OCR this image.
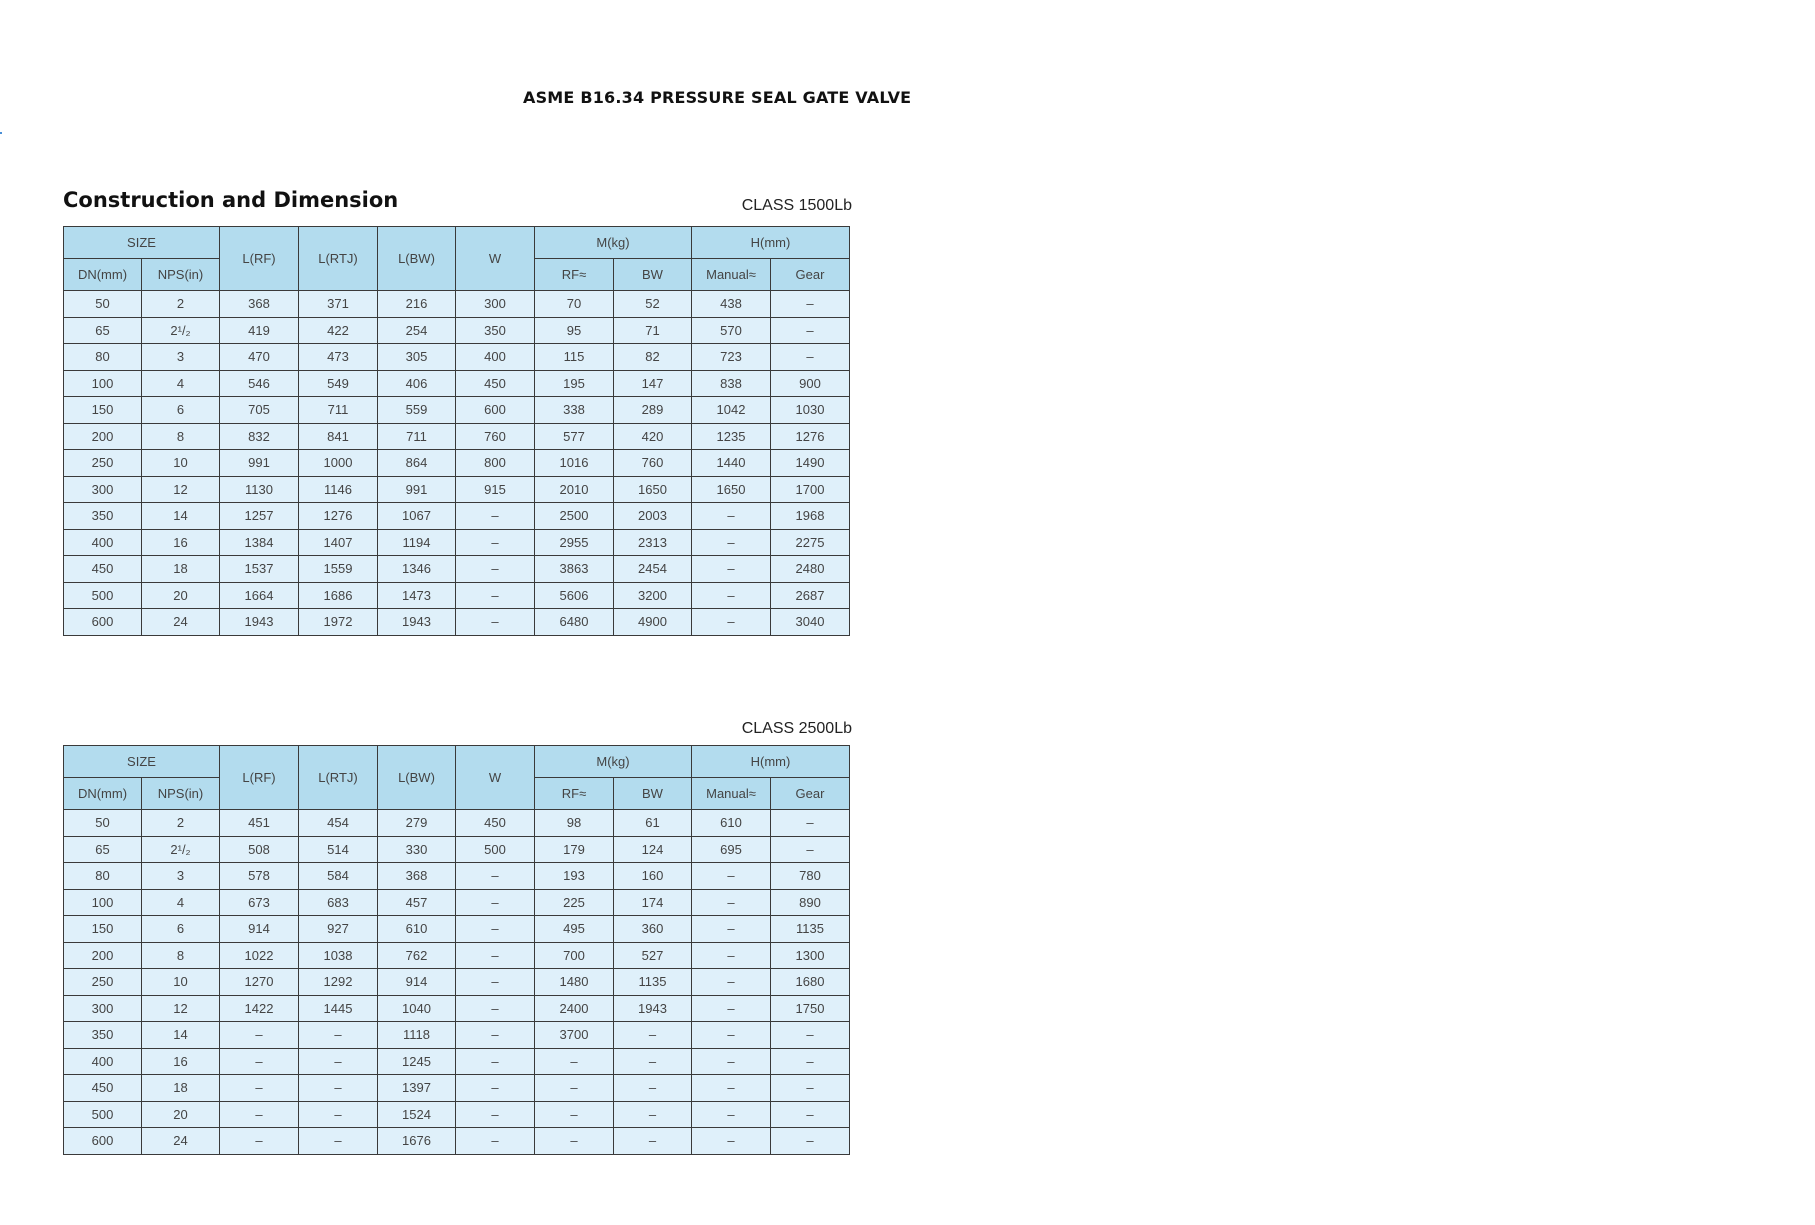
ASME B16.34 PRESSURE SEAL GATE VALVE
Construction and Dimension	CLASS 1500Lb
SIZE		L(RF)	L(RTJ)	L(BW)	W	M(kg)		H(mm)	
DN(mm)	NPS(in)					RF≈	BW	Manual≈	Gear
50	2	368	371	216	300	70	52	438	–
65	2¹/₂	419	422	254	350	95	71	570	–
80	3	470	473	305	400	115	82	723	–
100	4	546	549	406	450	195	147	838	900
150	6	705	711	559	600	338	289	1042	1030
200	8	832	841	711	760	577	420	1235	1276
250	10	991	1000	864	800	1016	760	1440	1490
300	12	1130	1146	991	915	2010	1650	1650	1700
350	14	1257	1276	1067	–	2500	2003	–	1968
400	16	1384	1407	1194	–	2955	2313	–	2275
450	18	1537	1559	1346	–	3863	2454	–	2480
500	20	1664	1686	1473	–	5606	3200	–	2687
600	24	1943	1972	1943	–	6480	4900	–	3040
CLASS 2500Lb
SIZE		L(RF)	L(RTJ)	L(BW)	W	M(kg)		H(mm)	
DN(mm)	NPS(in)					RF≈	BW	Manual≈	Gear
50	2	451	454	279	450	98	61	610	–
65	2¹/₂	508	514	330	500	179	124	695	–
80	3	578	584	368	–	193	160	–	780
100	4	673	683	457	–	225	174	–	890
150	6	914	927	610	–	495	360	–	1135
200	8	1022	1038	762	–	700	527	–	1300
250	10	1270	1292	914	–	1480	1135	–	1680
300	12	1422	1445	1040	–	2400	1943	–	1750
350	14	–	–	1118	–	3700	–	–	–
400	16	–	–	1245	–	–	–	–	–
450	18	–	–	1397	–	–	–	–	–
500	20	–	–	1524	–	–	–	–	–
600	24	–	–	1676	–	–	–	–	–
